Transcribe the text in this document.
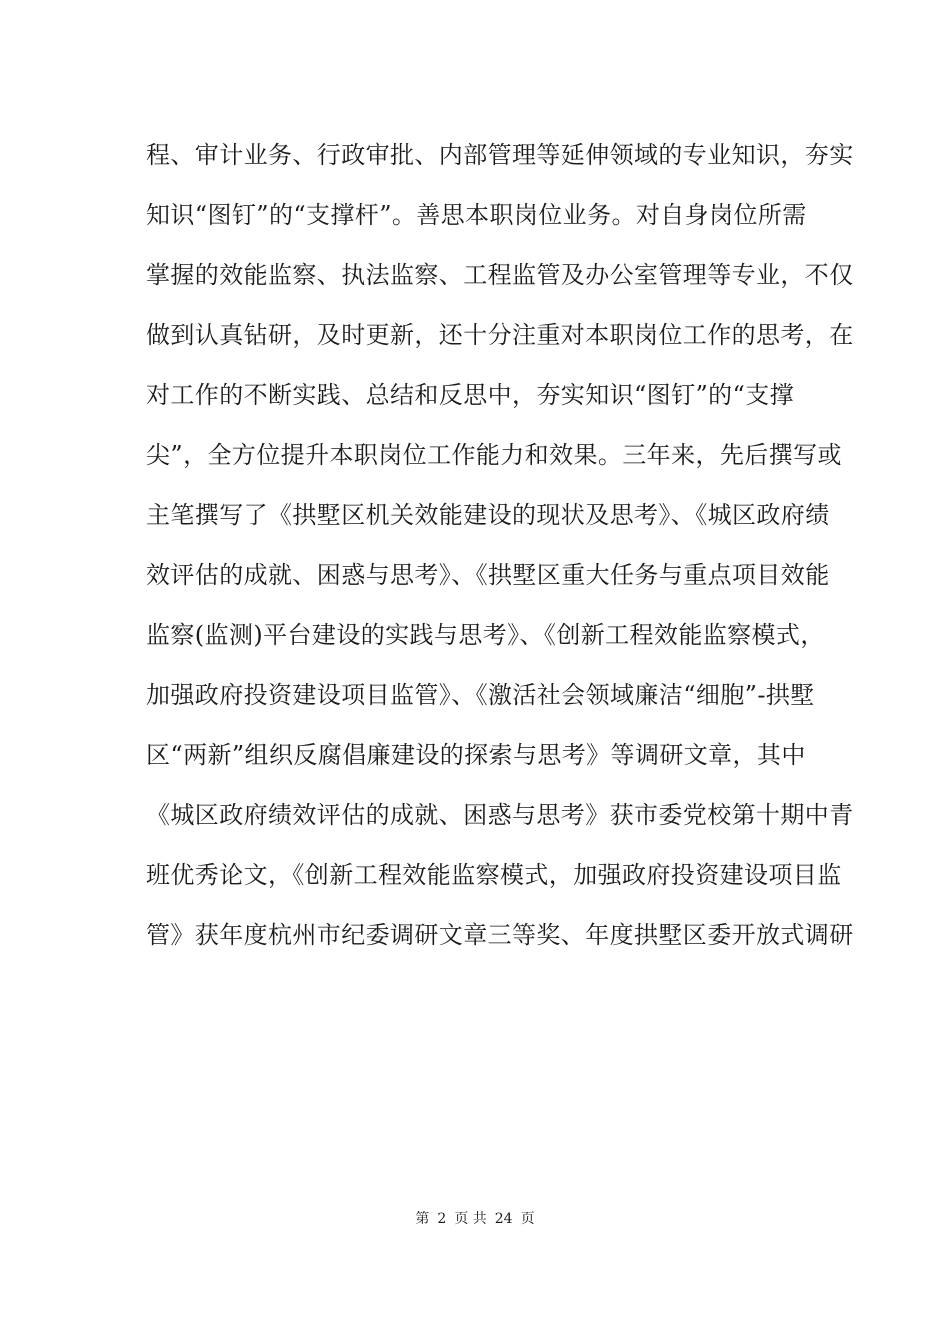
程、审计业务、行政审批、内部管理等延伸领域的专业知识，夯实
知识“图钉”的“支撑杆”。善思本职岗位业务。对自身岗位所需
掌握的效能监察、执法监察、工程监管及办公室管理等专业，不仅
做到认真钻研，及时更新，还十分注重对本职岗位工作的思考，在
对工作的不断实践、总结和反思中，夯实知识“图钉”的“支撑
尖”，全方位提升本职岗位工作能力和效果。三年来，先后撰写或
主笔撰写了《拱墅区机关效能建设的现状及思考》、《城区政府绩
效评估的成就、困惑与思考》、《拱墅区重大任务与重点项目效能
监察(监测)平台建设的实践与思考》、《创新工程效能监察模式，
加强政府投资建设项目监管》、《激活社会领域廉洁“细胞”-拱墅
区“两新”组织反腐倡廉建设的探索与思考》等调研文章，其中
《城区政府绩效评估的成就、困惑与思考》获市委党校第十期中青
班优秀论文，《创新工程效能监察模式，加强政府投资建设项目监
管》获年度杭州市纪委调研文章三等奖、年度拱墅区委开放式调研
第 2 页 共 24 页
